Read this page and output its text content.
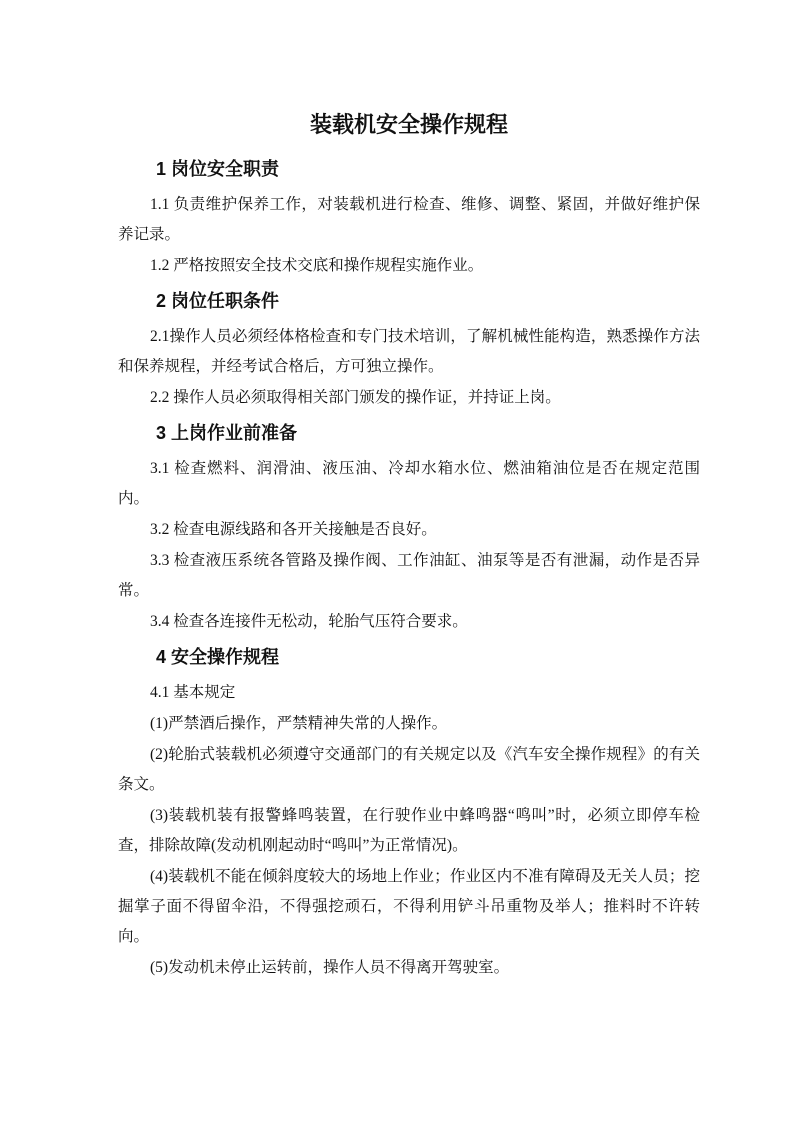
装载机安全操作规程
1 岗位安全职责

1.1 负责维护保养工作，对装载机进行检查、维修、调整、紧固，并做好维护保养记录。

1.2 严格按照安全技术交底和操作规程实施作业。

2 岗位任职条件

2.1操作人员必须经体格检查和专门技术培训，了解机械性能构造，熟悉操作方法和保养规程，并经考试合格后，方可独立操作。

2.2 操作人员必须取得相关部门颁发的操作证，并持证上岗。

3 上岗作业前准备

3.1 检查燃料、润滑油、液压油、冷却水箱水位、燃油箱油位是否在规定范围内。

3.2 检查电源线路和各开关接触是否良好。

3.3 检查液压系统各管路及操作阀、工作油缸、油泵等是否有泄漏，动作是否异常。

3.4 检查各连接件无松动，轮胎气压符合要求。

4 安全操作规程

4.1 基本规定

(1)严禁酒后操作，严禁精神失常的人操作。

(2)轮胎式装载机必须遵守交通部门的有关规定以及《汽车安全操作规程》的有关条文。

(3)装载机装有报警蜂鸣装置，在行驶作业中蜂鸣器“鸣叫”时，必须立即停车检查，排除故障(发动机刚起动时“鸣叫”为正常情况)。

(4)装载机不能在倾斜度较大的场地上作业；作业区内不准有障碍及无关人员；挖掘掌子面不得留伞沿，不得强挖顽石，不得利用铲斗吊重物及举人；推料时不许转向。

(5)发动机未停止运转前，操作人员不得离开驾驶室。
